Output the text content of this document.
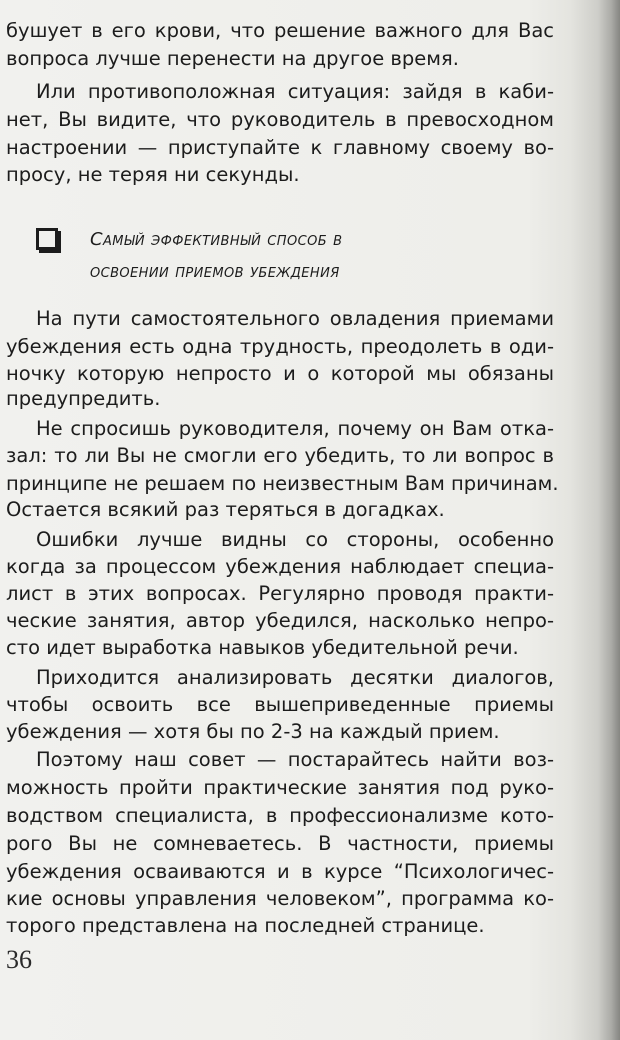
бушует в его крови, что решение важного для Вас
вопроса лучше перенести на другое время.
Или противоположная ситуация: зайдя в каби-
нет, Вы видите, что руководитель в превосходном
настроении — приступайте к главному своему во-
просу, не теряя ни секунды.
На пути самостоятельного овладения приемами
убеждения есть одна трудность, преодолеть в оди-
ночку которую непросто и о которой мы обязаны
предупредить.
Не спросишь руководителя, почему он Вам отка-
зал: то ли Вы не смогли его убедить, то ли вопрос в
принципе не решаем по неизвестным Вам причинам.
Остается всякий раз теряться в догадках.
Ошибки лучше видны со стороны, особенно
когда за процессом убеждения наблюдает специа-
лист в этих вопросах. Регулярно проводя практи-
ческие занятия, автор убедился, насколько непро-
сто идет выработка навыков убедительной речи.
Приходится анализировать десятки диалогов,
чтобы освоить все вышеприведенные приемы
убеждения — хотя бы по 2-3 на каждый прием.
Поэтому наш совет — постарайтесь найти воз-
можность пройти практические занятия под руко-
водством специалиста, в профессионализме кото-
рого Вы не сомневаетесь. В частности, приемы
убеждения осваиваются и в курсе “Психологичес-
кие основы управления человеком”, программа ко-
торого представлена на последней странице.
36
Самый эффективный способ в
освоении приемов убеждения
